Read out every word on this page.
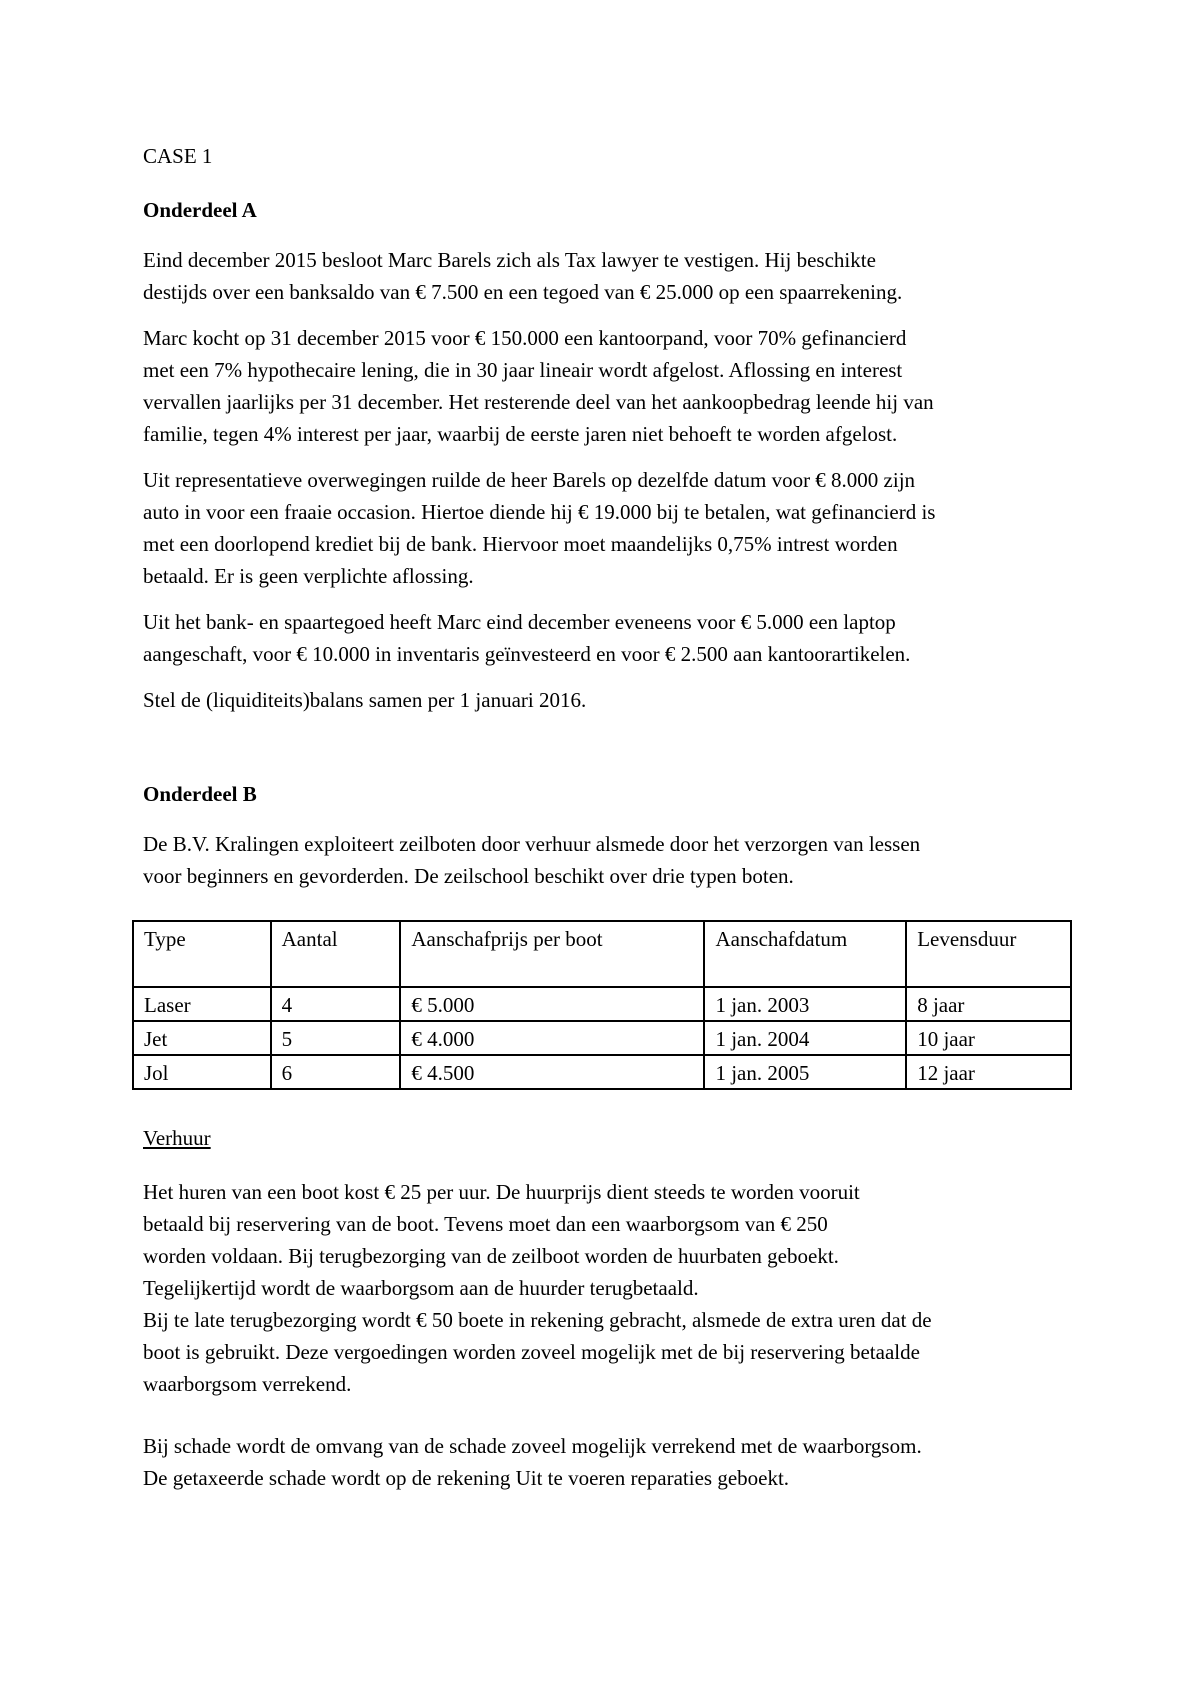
CASE 1
Onderdeel A

Eind december 2015 besloot Marc Barels zich als Tax lawyer te vestigen. Hij beschikte
destijds over een banksaldo van € 7.500 en een tegoed van € 25.000 op een spaarrekening.

Marc kocht op 31 december 2015 voor € 150.000 een kantoorpand, voor 70% gefinancierd
met een 7% hypothecaire lening, die in 30 jaar lineair wordt afgelost. Aflossing en interest
vervallen jaarlijks per 31 december. Het resterende deel van het aankoopbedrag leende hij van
familie, tegen 4% interest per jaar, waarbij de eerste jaren niet behoeft te worden afgelost.

Uit representatieve overwegingen ruilde de heer Barels op dezelfde datum voor € 8.000 zijn
auto in voor een fraaie occasion. Hiertoe diende hij € 19.000 bij te betalen, wat gefinancierd is
met een doorlopend krediet bij de bank. Hiervoor moet maandelijks 0,75% intrest worden
betaald. Er is geen verplichte aflossing.

Uit het bank- en spaartegoed heeft Marc eind december eveneens voor € 5.000 een laptop
aangeschaft, voor € 10.000 in inventaris geïnvesteerd en voor € 2.500 aan kantoorartikelen.

Stel de (liquiditeits)balans samen per 1 januari 2016.

Onderdeel B

De B.V. Kralingen exploiteert zeilboten door verhuur alsmede door het verzorgen van lessen
voor beginners en gevorderden. De zeilschool beschikt over drie typen boten.

Type	Aantal	Aanschafprijs per boot	Aanschafdatum	Levensduur
Laser	4	€ 5.000	1 jan. 2003	8 jaar
Jet	5	€ 4.000	1 jan. 2004	10 jaar
Jol	6	€ 4.500	1 jan. 2005	12 jaar
Verhuur

Het huren van een boot kost € 25 per uur. De huurprijs dient steeds te worden vooruit
betaald bij reservering van de boot. Tevens moet dan een waarborgsom van € 250
worden voldaan. Bij terugbezorging van de zeilboot worden de huurbaten geboekt.
Tegelijkertijd wordt de waarborgsom aan de huurder terugbetaald.
Bij te late terugbezorging wordt € 50 boete in rekening gebracht, alsmede de extra uren dat de
boot is gebruikt. Deze vergoedingen worden zoveel mogelijk met de bij reservering betaalde
waarborgsom verrekend.

Bij schade wordt de omvang van de schade zoveel mogelijk verrekend met de waarborgsom.
De getaxeerde schade wordt op de rekening Uit te voeren reparaties geboekt.
